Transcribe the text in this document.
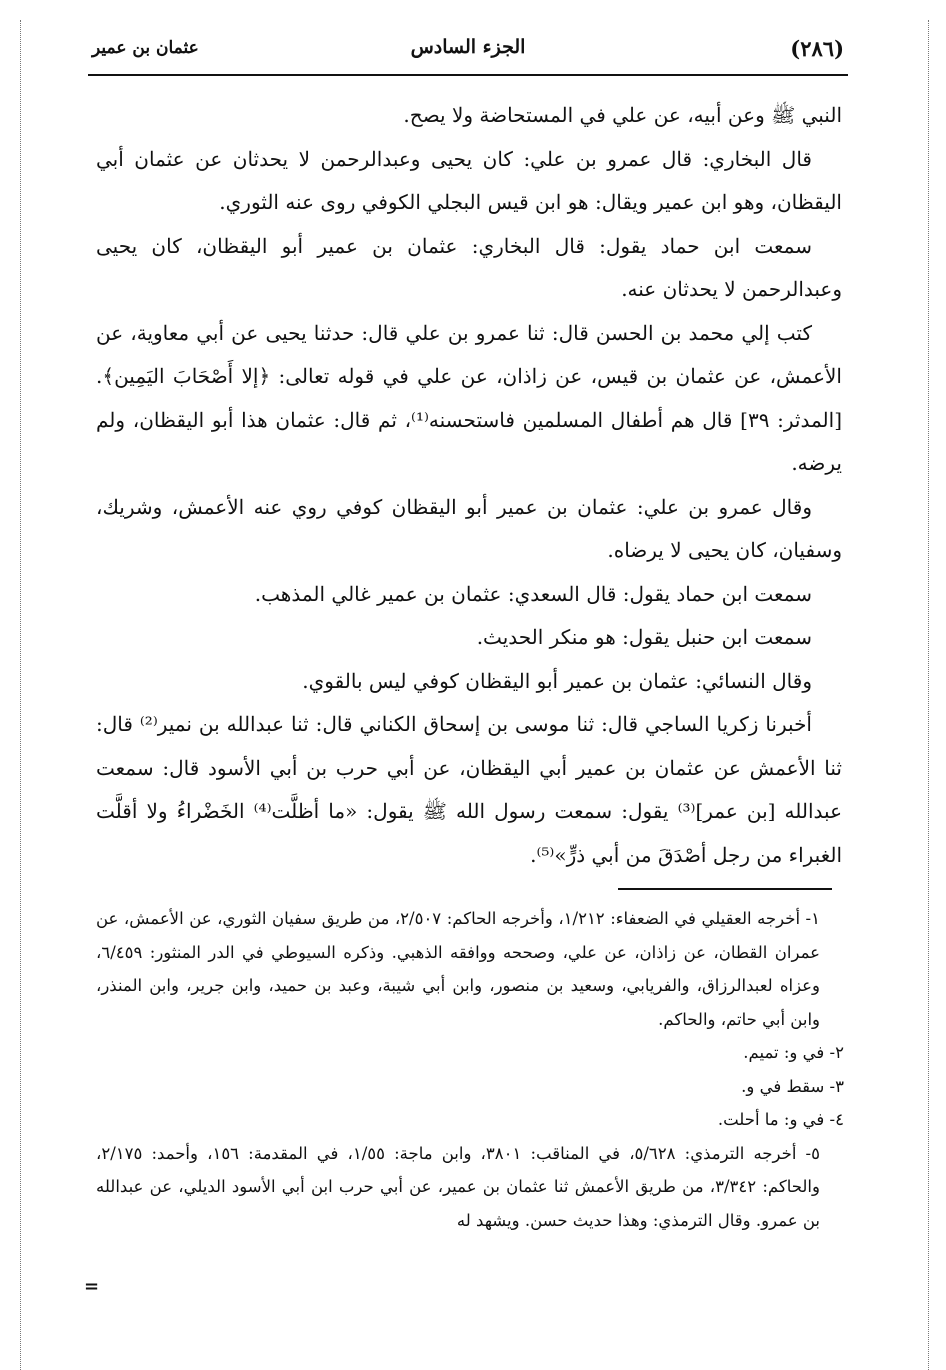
(٢٨٦)
الجزء السادس
عثمان بن عمير

النبي ﷺ وعن أبيه، عن علي في المستحاضة ولا يصح.

قال البخاري: قال عمرو بن علي: كان يحيى وعبدالرحمن لا يحدثان عن عثمان أبي اليقظان، وهو ابن عمير ويقال: هو ابن قيس البجلي الكوفي روى عنه الثوري.

سمعت ابن حماد يقول: قال البخاري: عثمان بن عمير أبو اليقظان، كان يحيى وعبدالرحمن لا يحدثان عنه.

كتب إلي محمد بن الحسن قال: ثنا عمرو بن علي قال: حدثنا يحيى عن أبي معاوية، عن الأعمش، عن عثمان بن قيس، عن زاذان، عن علي في قوله تعالى: ﴿إلا أَصْحَابَ اليَمِين﴾. [المدثر: ٣٩] قال هم أطفال المسلمين فاستحسنه⁽¹⁾، ثم قال: عثمان هذا أبو اليقظان، ولم يرضه.

وقال عمرو بن علي: عثمان بن عمير أبو اليقظان كوفي روي عنه الأعمش، وشريك، وسفيان، كان يحيى لا يرضاه.

سمعت ابن حماد يقول: قال السعدي: عثمان بن عمير غالي المذهب.

سمعت ابن حنبل يقول: هو منكر الحديث.

وقال النسائي: عثمان بن عمير أبو اليقظان كوفي ليس بالقوي.

أخبرنا زكريا الساجي قال: ثنا موسى بن إسحاق الكناني قال: ثنا عبدالله بن نمير⁽²⁾ قال: ثنا الأعمش عن عثمان بن عمير أبي اليقظان، عن أبي حرب بن أبي الأسود قال: سمعت عبدالله [بن عمر]⁽³⁾ يقول: سمعت رسول الله ﷺ يقول: «ما أظلَّت⁽⁴⁾ الخَضْراءُ ولا أقلَّت الغبراء من رجل أصْدَقَ من أبي ذرٍّ»⁽⁵⁾.

١- أخرجه العقيلي في الضعفاء: ١/٢١٢، وأخرجه الحاكم: ٢/٥٠٧، من طريق سفيان الثوري، عن الأعمش، عن عمران القطان، عن زاذان، عن علي، وصححه ووافقه الذهبي. وذكره السيوطي في الدر المنثور: ٦/٤٥٩، وعزاه لعبدالرزاق، والفريابي، وسعيد بن منصور، وابن أبي شيبة، وعبد بن حميد، وابن جرير، وابن المنذر، وابن أبي حاتم، والحاكم.

٢- في و: تميم.

٣- سقط في و.

٤- في و: ما أحلت.

٥- أخرجه الترمذي: ٥/٦٢٨، في المناقب: ٣٨٠١، وابن ماجة: ١/٥٥، في المقدمة: ١٥٦، وأحمد: ٢/١٧٥، والحاكم: ٣/٣٤٢، من طريق الأعمش ثنا عثمان بن عمير، عن أبي حرب ابن أبي الأسود الديلي، عن عبدالله بن عمرو. وقال الترمذي: وهذا حديث حسن. ويشهد له

=
